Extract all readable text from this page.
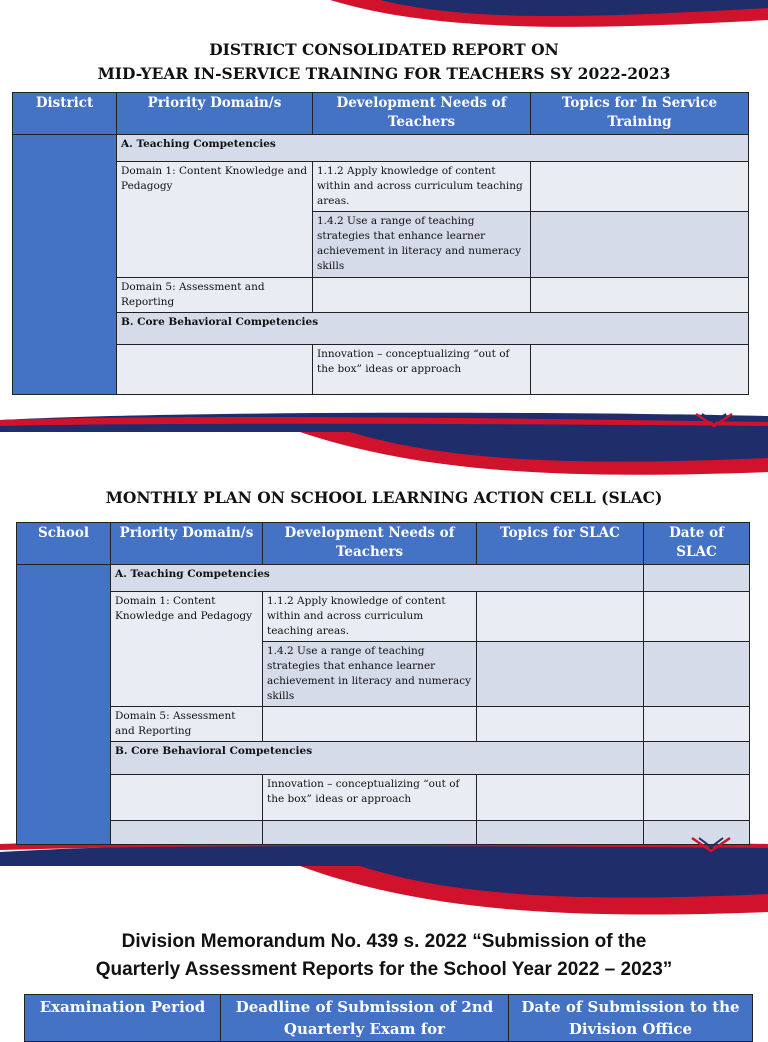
DISTRICT CONSOLIDATED REPORT ON
MID-YEAR IN-SERVICE TRAINING FOR TEACHERS SY 2022-2023
District	Priority Domain/s	Development Needs of Teachers	Topics for In Service Training
	A. Teaching Competencies		
	Domain 1: Content Knowledge and Pedagogy	1.1.2 Apply knowledge of content within and across curriculum teaching areas.	
		1.4.2 Use a range of teaching strategies that enhance learner achievement in literacy and numeracy skills	
	Domain 5: Assessment and Reporting		
	B. Core Behavioral Competencies		
		Innovation – conceptualizing “out of the box” ideas or approach	
MONTHLY PLAN ON SCHOOL LEARNING ACTION CELL (SLAC)
School	Priority Domain/s	Development Needs of Teachers	Topics for SLAC	Date of SLAC
	A. Teaching Competencies			
	Domain 1: Content Knowledge and Pedagogy	1.1.2 Apply knowledge of content within and across curriculum teaching areas.		
		1.4.2 Use a range of teaching strategies that enhance learner achievement in literacy and numeracy skills		
	Domain 5: Assessment and Reporting			
	B. Core Behavioral Competencies			
		Innovation – conceptualizing “out of the box” ideas or approach		

Division Memorandum No. 439 s. 2022 “Submission of the
Quarterly Assessment Reports for the School Year 2022 – 2023”
Examination Period	Deadline of Submission of 2nd Quarterly Exam for	Date of Submission to the Division Office
